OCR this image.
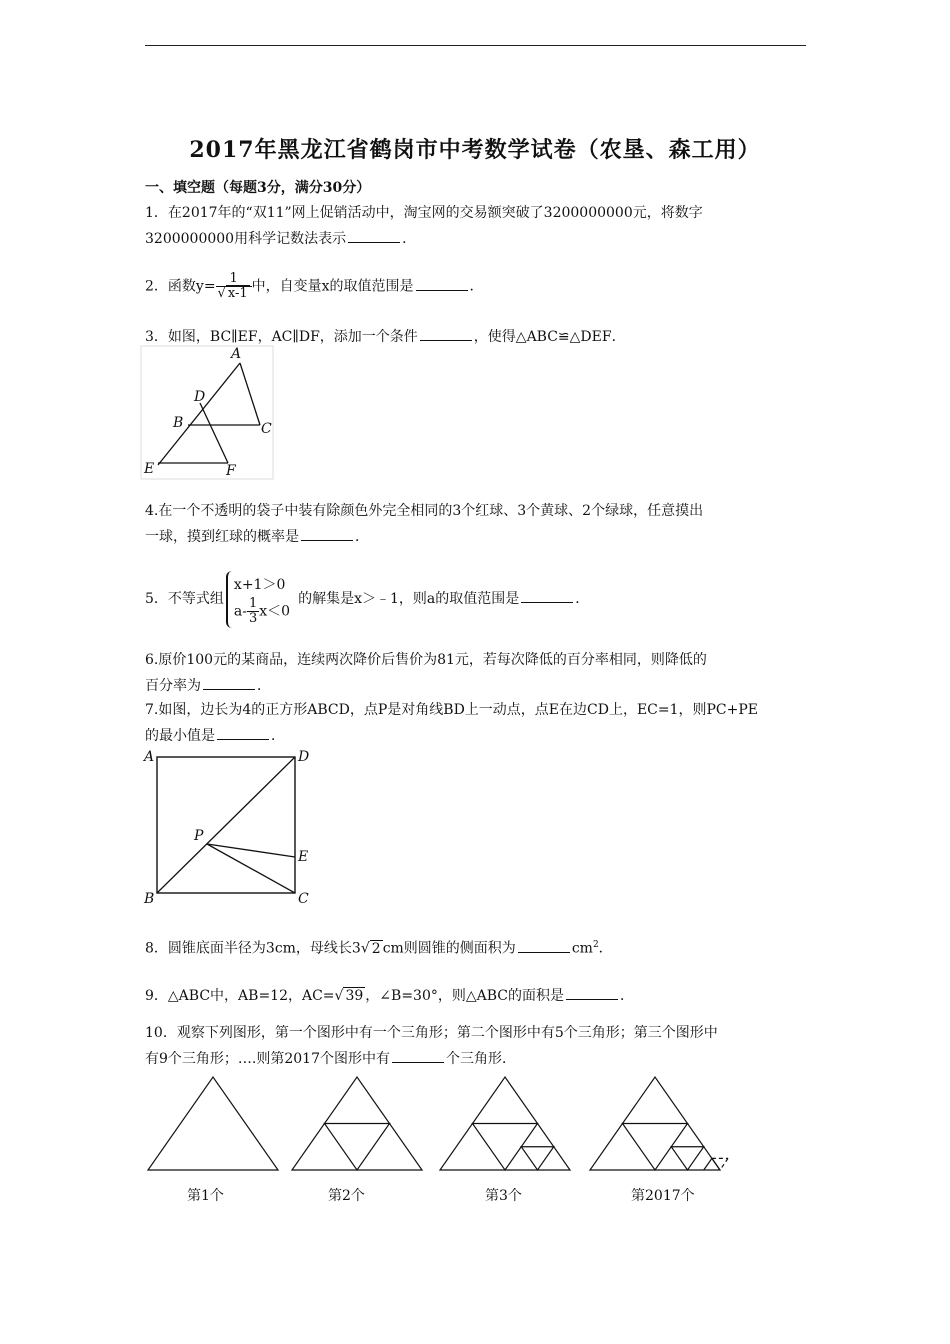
2017年黑龙江省鹤岗市中考数学试卷（农垦、森工用）
一、填空题（每题3分，满分30分）
1．在2017年的“双11”网上促销活动中，淘宝网的交易额突破了3200000000元，将数字
3200000000用科学记数法表示	．
2．函数$y= \frac{1}{√ x-1}$ 中，自变量x的取值范围是	．
3．如图，BC∥EF，AC∥DF，添加一个条件	，使得△ABC≌△DEF．
A
D
B	C
E	F
4.在一个不透明的袋子中装有除颜色外完全相同的3个红球、3个黄球、2个绿球，任意摸出
一球，摸到红球的概率是	．
5．不等式组
x+1＞0
$a- \frac{1}{3} x<0$
的解集是x＞﹣1，则a的取值范围是	．
6.原价100元的某商品，连续两次降价后售价为81元，若每次降低的百分率相同，则降低的
百分率为	．
7.如图，边长为4的正方形ABCD，点P是对角线BD上一动点，点E在边CD上，EC=1，则PC+PE
的最小值是	．
A	D
P
E
B	C
8．圆锥底面半径为3cm，母线长3√ 2 cm则圆锥的侧面积为	$cm^2$．
9．△ABC中，AB=12，AC=√ 39 ，∠B=30°，则△ABC的面积是	．
10．观察下列图形，第一个图形中有一个三角形；第二个图形中有5个三角形；第三个图形中
有9个三角形；….则第2017个图形中有	个三角形．
第1个	第2个	第3个	第2017个
